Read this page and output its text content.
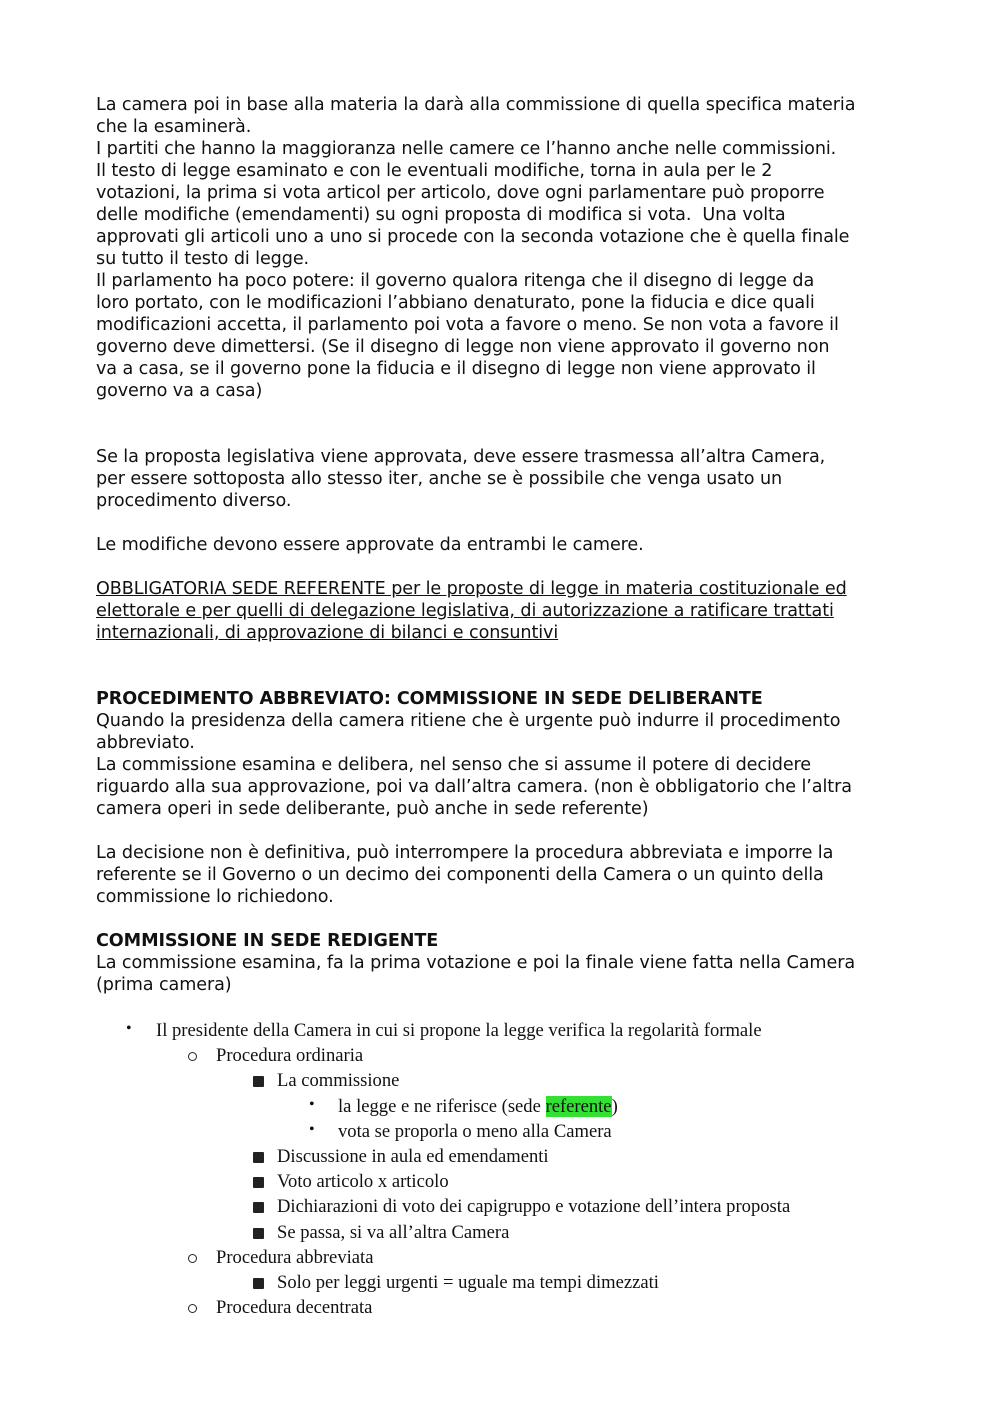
La camera poi in base alla materia la darà alla commissione di quella specifica materia

che la esaminerà.

I partiti che hanno la maggioranza nelle camere ce l’hanno anche nelle commissioni.

Il testo di legge esaminato e con le eventuali modifiche, torna in aula per le 2

votazioni, la prima si vota articol per articolo, dove ogni parlamentare può proporre

delle modifiche (emendamenti) su ogni proposta di modifica si vota.  Una volta

approvati gli articoli uno a uno si procede con la seconda votazione che è quella finale

su tutto il testo di legge.

Il parlamento ha poco potere: il governo qualora ritenga che il disegno di legge da

loro portato, con le modificazioni l’abbiano denaturato, pone la fiducia e dice quali

modificazioni accetta, il parlamento poi vota a favore o meno. Se non vota a favore il

governo deve dimettersi. (Se il disegno di legge non viene approvato il governo non

va a casa, se il governo pone la fiducia e il disegno di legge non viene approvato il

governo va a casa)

Se la proposta legislativa viene approvata, deve essere trasmessa all’altra Camera,

per essere sottoposta allo stesso iter, anche se è possibile che venga usato un

procedimento diverso.

Le modifiche devono essere approvate da entrambi le camere.

OBBLIGATORIA SEDE REFERENTE per le proposte di legge in materia costituzionale ed

elettorale e per quelli di delegazione legislativa, di autorizzazione a ratificare trattati

internazionali, di approvazione di bilanci e consuntivi

PROCEDIMENTO ABBREVIATO: COMMISSIONE IN SEDE DELIBERANTE

Quando la presidenza della camera ritiene che è urgente può indurre il procedimento

abbreviato.

La commissione esamina e delibera, nel senso che si assume il potere di decidere

riguardo alla sua approvazione, poi va dall’altra camera. (non è obbligatorio che l’altra

camera operi in sede deliberante, può anche in sede referente)

La decisione non è definitiva, può interrompere la procedura abbreviata e imporre la

referente se il Governo o un decimo dei componenti della Camera o un quinto della

commissione lo richiedono.

COMMISSIONE IN SEDE REDIGENTE

La commissione esamina, fa la prima votazione e poi la finale viene fatta nella Camera

(prima camera)

• Il presidente della Camera in cui si propone la legge verifica la regolarità formale
Procedura ordinaria
La commissione
• la legge e ne riferisce (sede referente)
• vota se proporla o meno alla Camera
Discussione in aula ed emendamenti
Voto articolo x articolo
Dichiarazioni di voto dei capigruppo e votazione dell’intera proposta
Se passa, si va all’altra Camera
Procedura abbreviata
Solo per leggi urgenti = uguale ma tempi dimezzati
Procedura decentrata
